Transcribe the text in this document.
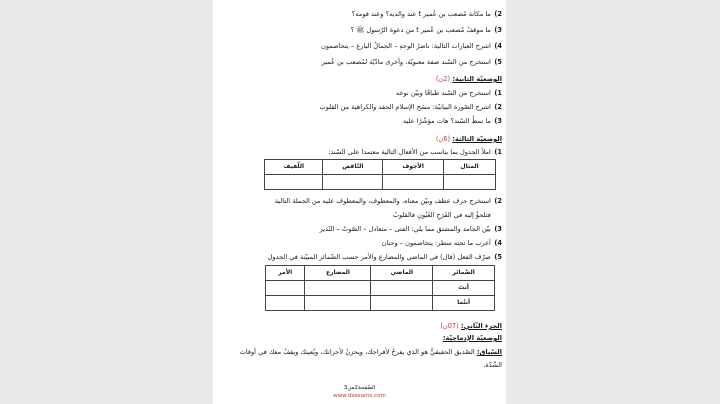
2) ما مكانة مُصعب بن عُمير t عند والديه؟ وعند قومه؟
3) ما موقفُ مُصعب بن عُمير t من دعوة الرّسول ﷺ ؟
4) اشرح العبارات التالية: ناضرُ الوجهِ – الجمالُ البارع – يتخاصمون
5) استخرج من السّند صفة معنويّة، وأخرى مادّيّة لمُصعب بن عُمير
الوضعيّة الثانية: (2ن)
1) استخرج من السّند طباقًا وبيّن نوعه
2) اشرح الصّورة البيانيّة: مسَح الإسلام الحقد والكراهية من القلوب
3) ما نمطُ السّند؟ هات مؤشّرًا عليه
الوضعيّة الثالثة: (6ن)
1) املأ الجدول بما يناسب من الأفعال التالية معتمدا على السّند:
المثال	الأجوف	النّاقص	اللّفيف

2) استخرج حرف عطف وبيّن معناه، والمعطوف، والمعطوف عليه من الجملة التالية
فتلجؤُ إليه في الفَرَحِ الغَبُونِ فالقلوبُ
3) بيّن الجامد والمشتق مما يلي: الفتى – متعادل – الصّوتُ – النّذير
4) أعرب ما تحته سطر: يتخاصمون – وحنان
5) صرّف الفعل (قال) في الماضي والمضارع والأمر حسب الضّمائر المبيّنة في الجدول
الضّمائر	الماضي	المضارع	الأمر
أنتَ			
أنتُما			
الجزء الثّاني: (07ن)
الوضعيّة الإدماجيّة:
السّياق: الصّديق الحقيقيُّ هو الذي يفرحُ لأفراحك، ويحزنُ لأحزانك، ويُعينك ويقفُ معك في أوقات
الشّدّة.
الصّفحة2من3
www.dzexams.com
